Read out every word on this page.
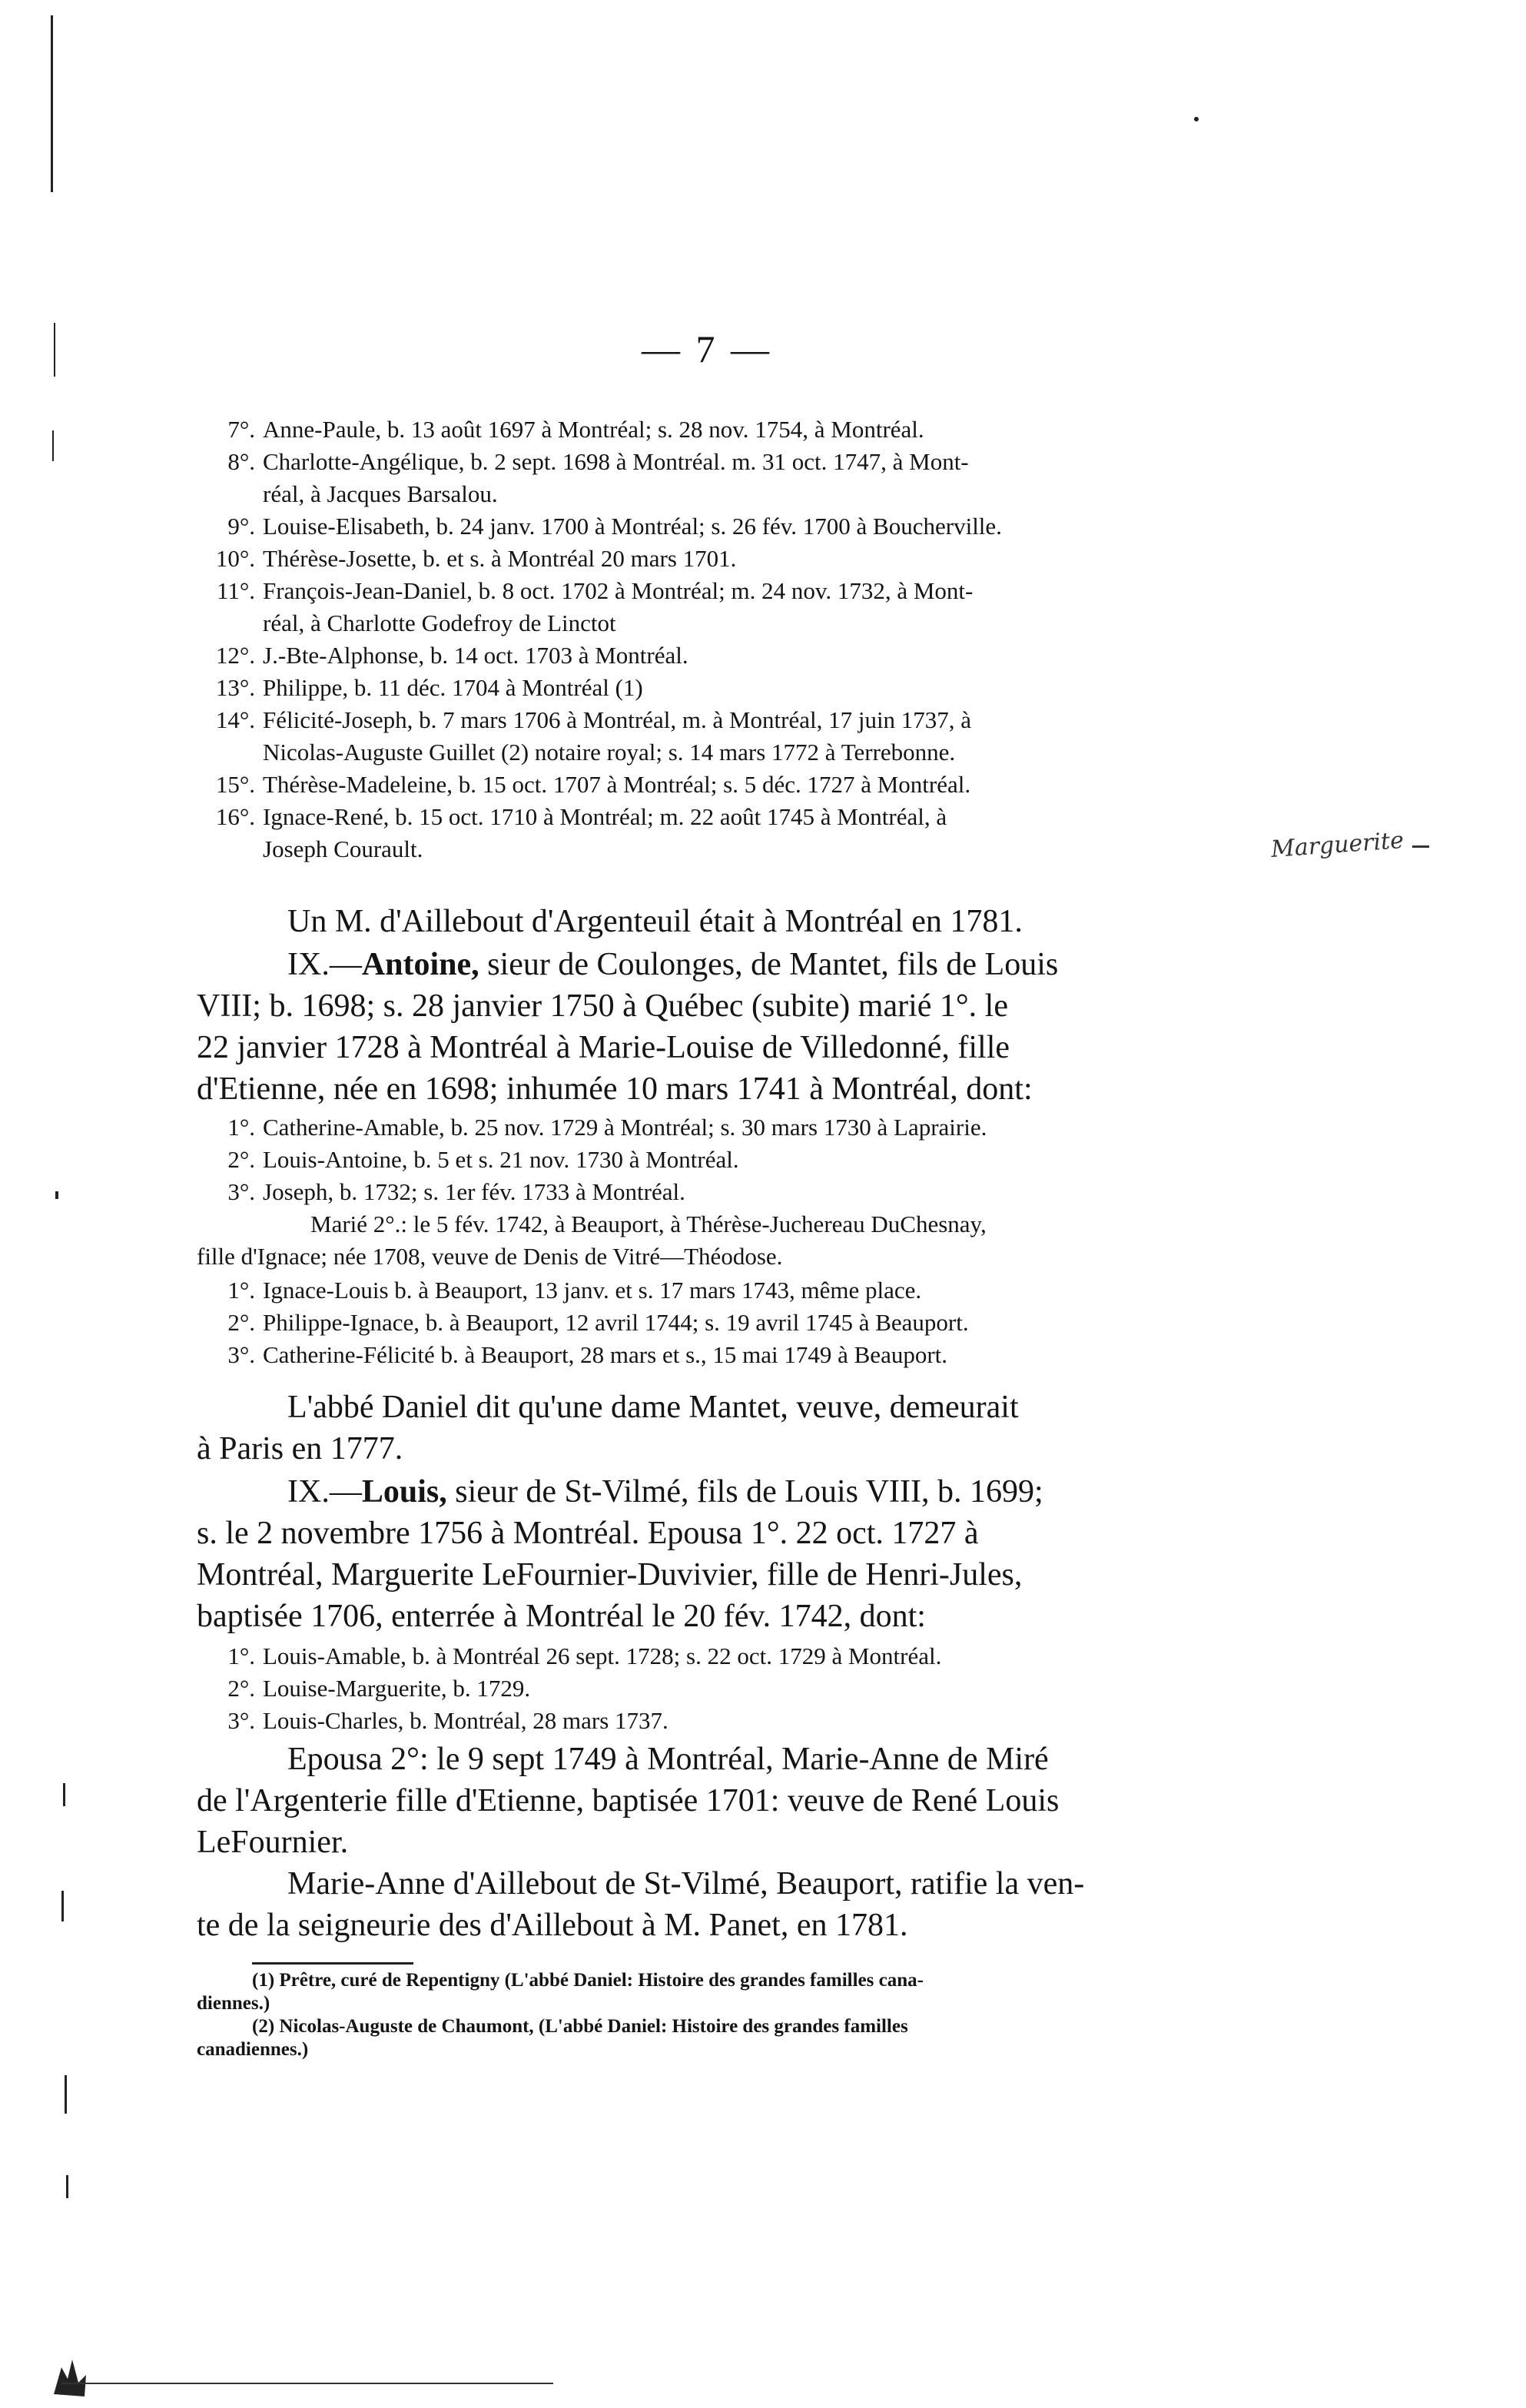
— 7 —
7°. Anne-Paule, b. 13 août 1697 à Montréal; s. 28 nov. 1754, à Montréal.
8°. Charlotte-Angélique, b. 2 sept. 1698 à Montréal. m. 31 oct. 1747, à Mont-
réal, à Jacques Barsalou.
9°. Louise-Elisabeth, b. 24 janv. 1700 à Montréal; s. 26 fév. 1700 à Boucherville.
10°. Thérèse-Josette, b. et s. à Montréal 20 mars 1701.
11°. François-Jean-Daniel, b. 8 oct. 1702 à Montréal; m. 24 nov. 1732, à Mont-
réal, à Charlotte Godefroy de Linctot
12°. J.-Bte-Alphonse, b. 14 oct. 1703 à Montréal.
13°. Philippe, b. 11 déc. 1704 à Montréal (1)
14°. Félicité-Joseph, b. 7 mars 1706 à Montréal, m. à Montréal, 17 juin 1737, à
Nicolas-Auguste Guillet (2) notaire royal; s. 14 mars 1772 à Terrebonne.
15°. Thérèse-Madeleine, b. 15 oct. 1707 à Montréal; s. 5 déc. 1727 à Montréal.
16°. Ignace-René, b. 15 oct. 1710 à Montréal; m. 22 août 1745 à Montréal, à
Joseph Courault.	Marguerite
Un M. d'Aillebout d'Argenteuil était à Montréal en 1781.
IX.—Antoine, sieur de Coulonges, de Mantet, fils de Louis
VIII; b. 1698; s. 28 janvier 1750 à Québec (subite) marié 1°. le
22 janvier 1728 à Montréal à Marie-Louise de Villedonné, fille
d'Etienne, née en 1698; inhumée 10 mars 1741 à Montréal, dont:
1°. Catherine-Amable, b. 25 nov. 1729 à Montréal; s. 30 mars 1730 à Laprairie.
2°. Louis-Antoine, b. 5 et s. 21 nov. 1730 à Montréal.
3°. Joseph, b. 1732; s. 1er fév. 1733 à Montréal.
Marié 2°.: le 5 fév. 1742, à Beauport, à Thérèse-Juchereau DuChesnay,
fille d'Ignace; née 1708, veuve de Denis de Vitré—Théodose.
1°. Ignace-Louis b. à Beauport, 13 janv. et s. 17 mars 1743, même place.
2°. Philippe-Ignace, b. à Beauport, 12 avril 1744; s. 19 avril 1745 à Beauport.
3°. Catherine-Félicité b. à Beauport, 28 mars et s., 15 mai 1749 à Beauport.
L'abbé Daniel dit qu'une dame Mantet, veuve, demeurait
à Paris en 1777.
IX.—Louis, sieur de St-Vilmé, fils de Louis VIII, b. 1699;
s. le 2 novembre 1756 à Montréal. Epousa 1°. 22 oct. 1727 à
Montréal, Marguerite LeFournier-Duvivier, fille de Henri-Jules,
baptisée 1706, enterrée à Montréal le 20 fév. 1742, dont:
1°. Louis-Amable, b. à Montréal 26 sept. 1728; s. 22 oct. 1729 à Montréal.
2°. Louise-Marguerite, b. 1729.
3°. Louis-Charles, b. Montréal, 28 mars 1737.
Epousa 2°: le 9 sept 1749 à Montréal, Marie-Anne de Miré
de l'Argenterie fille d'Etienne, baptisée 1701: veuve de René Louis
LeFournier.
Marie-Anne d'Aillebout de St-Vilmé, Beauport, ratifie la ven-
te de la seigneurie des d'Aillebout à M. Panet, en 1781.
(1) Prêtre, curé de Repentigny (L'abbé Daniel: Histoire des grandes familles cana-
diennes.)
(2) Nicolas-Auguste de Chaumont, (L'abbé Daniel: Histoire des grandes familles
canadiennes.)
